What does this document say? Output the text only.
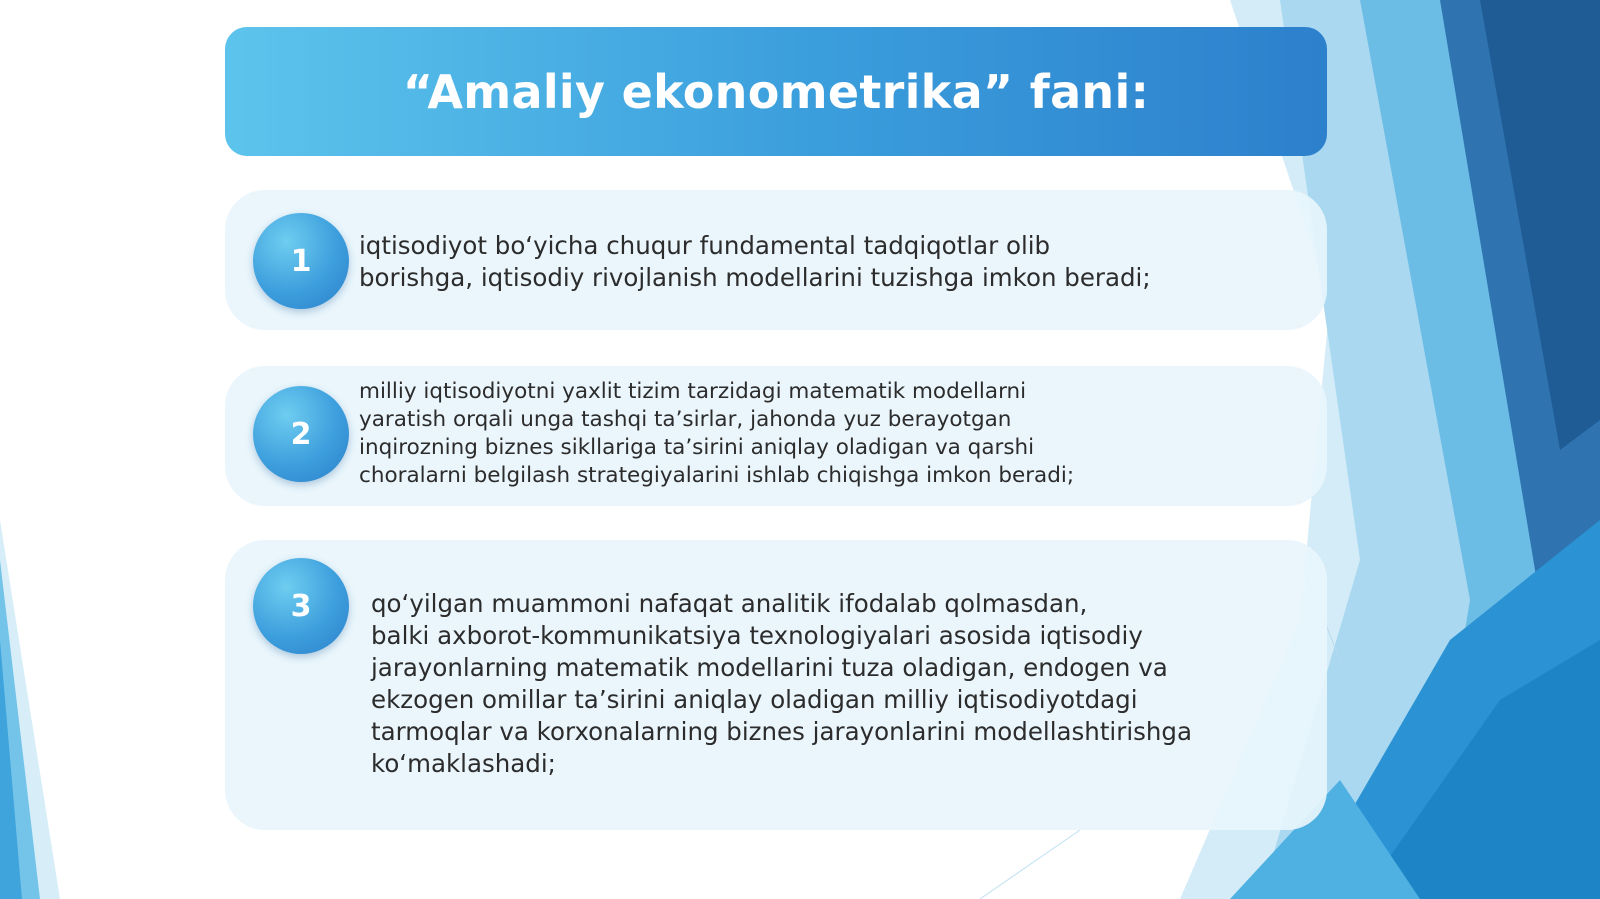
“Amaliy ekonometrika” fani:
1	iqtisodiyot bo‘yicha chuqur fundamental tadqiqotlar olib
borishga, iqtisodiy rivojlanish modellarini tuzishga imkon beradi;
2
milliy iqtisodiyotni yaxlit tizim tarzidagi matematik modellarni
yaratish orqali unga tashqi ta’sirlar, jahonda yuz berayotgan
inqirozning biznes sikllariga ta’sirini aniqlay oladigan va qarshi
choralarni belgilash strategiyalarini ishlab chiqishga imkon beradi;
3	qo‘yilgan muammoni nafaqat analitik ifodalab qolmasdan,
balki axborot-kommunikatsiya texnologiyalari asosida iqtisodiy
jarayonlarning matematik modellarini tuza oladigan, endogen va
ekzogen omillar ta’sirini aniqlay oladigan milliy iqtisodiyotdagi
tarmoqlar va korxonalarning biznes jarayonlarini modellashtirishga
ko‘maklashadi;
